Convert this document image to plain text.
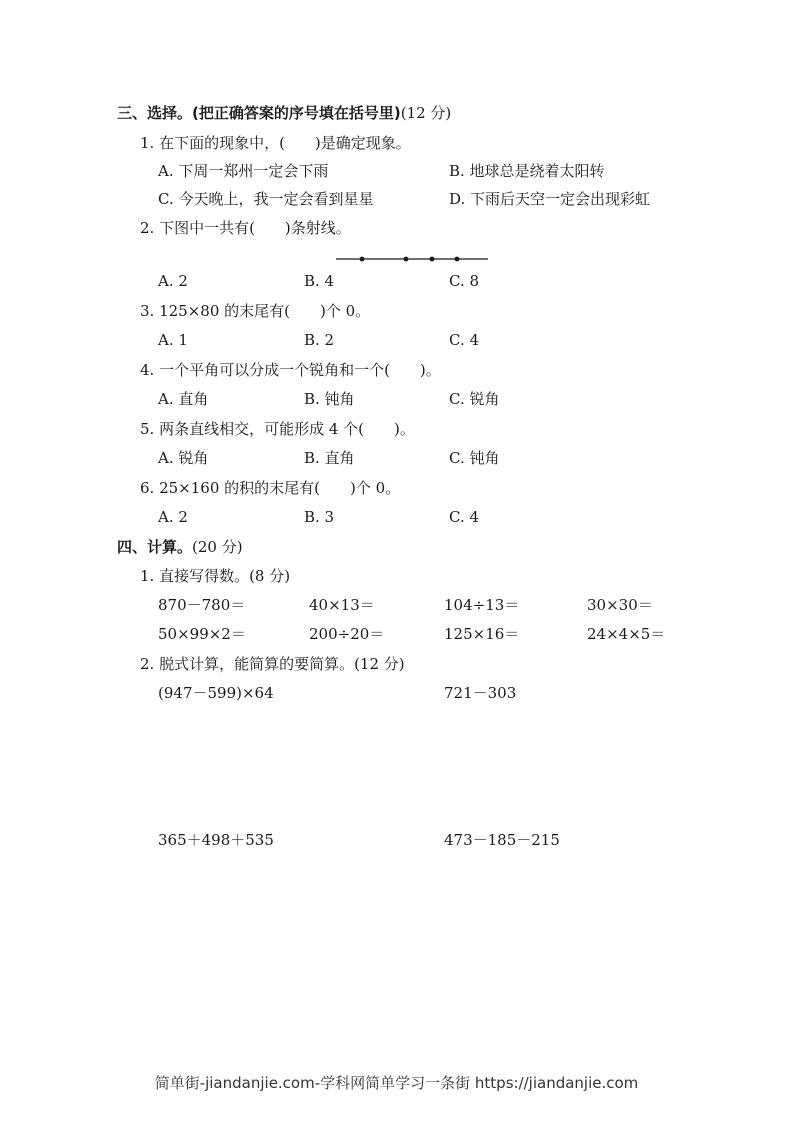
三、选择。(把正确答案的序号填在括号里)(12 分)
1. 在下面的现象中，(　　)是确定现象。
A. 下周一郑州一定会下雨	B. 地球总是绕着太阳转
C. 今天晚上，我一定会看到星星	D. 下雨后天空一定会出现彩虹
2. 下图中一共有(　　)条射线。
A. 2	B. 4	C. 8
3. 125×80 的末尾有(　　)个 0。
A. 1	B. 2	C. 4
4. 一个平角可以分成一个锐角和一个(　　)。
A. 直角	B. 钝角	C. 锐角
5. 两条直线相交，可能形成 4 个(　　)。
A. 锐角	B. 直角	C. 钝角
6. 25×160 的积的末尾有(　　)个 0。
A. 2	B. 3	C. 4
四、计算。(20 分)
1. 直接写得数。(8 分)
870－780＝	40×13＝	104÷13＝	30×30＝
50×99×2＝	200÷20＝	125×16＝	24×4×5＝
2. 脱式计算，能简算的要简算。(12 分)
(947－599)×64	721－303
365＋498＋535	473－185－215
简单街-jiandanjie.com-学科网简单学习一条街 https://jiandanjie.com
